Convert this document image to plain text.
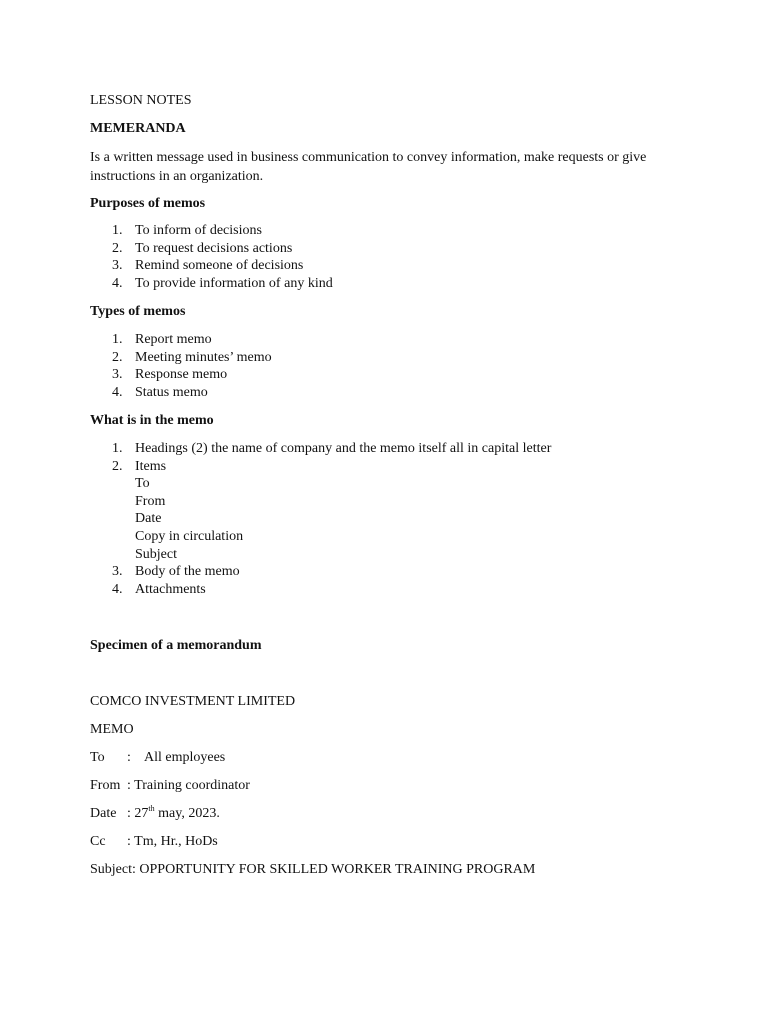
LESSON NOTES
MEMERANDA
Is a written message used in business communication to convey information, make requests or give instructions in an organization.
Purposes of memos
1. To inform of decisions
2. To request decisions actions
3. Remind someone of decisions
4. To provide information of any kind
Types of memos
1. Report memo
2. Meeting minutes’ memo
3. Response memo
4. Status memo
What is in the memo
1. Headings (2) the name of company and the memo itself all in capital letter
2. Items
To
From
Date
Copy in circulation
Subject
3. Body of the memo
4. Attachments
Specimen of a memorandum
COMCO INVESTMENT LIMITED
MEMO
To : All employees
From : Training coordinator
Date : 27th may, 2023.
Cc : Tm, Hr., HoDs
Subject: OPPORTUNITY FOR SKILLED WORKER TRAINING PROGRAM
